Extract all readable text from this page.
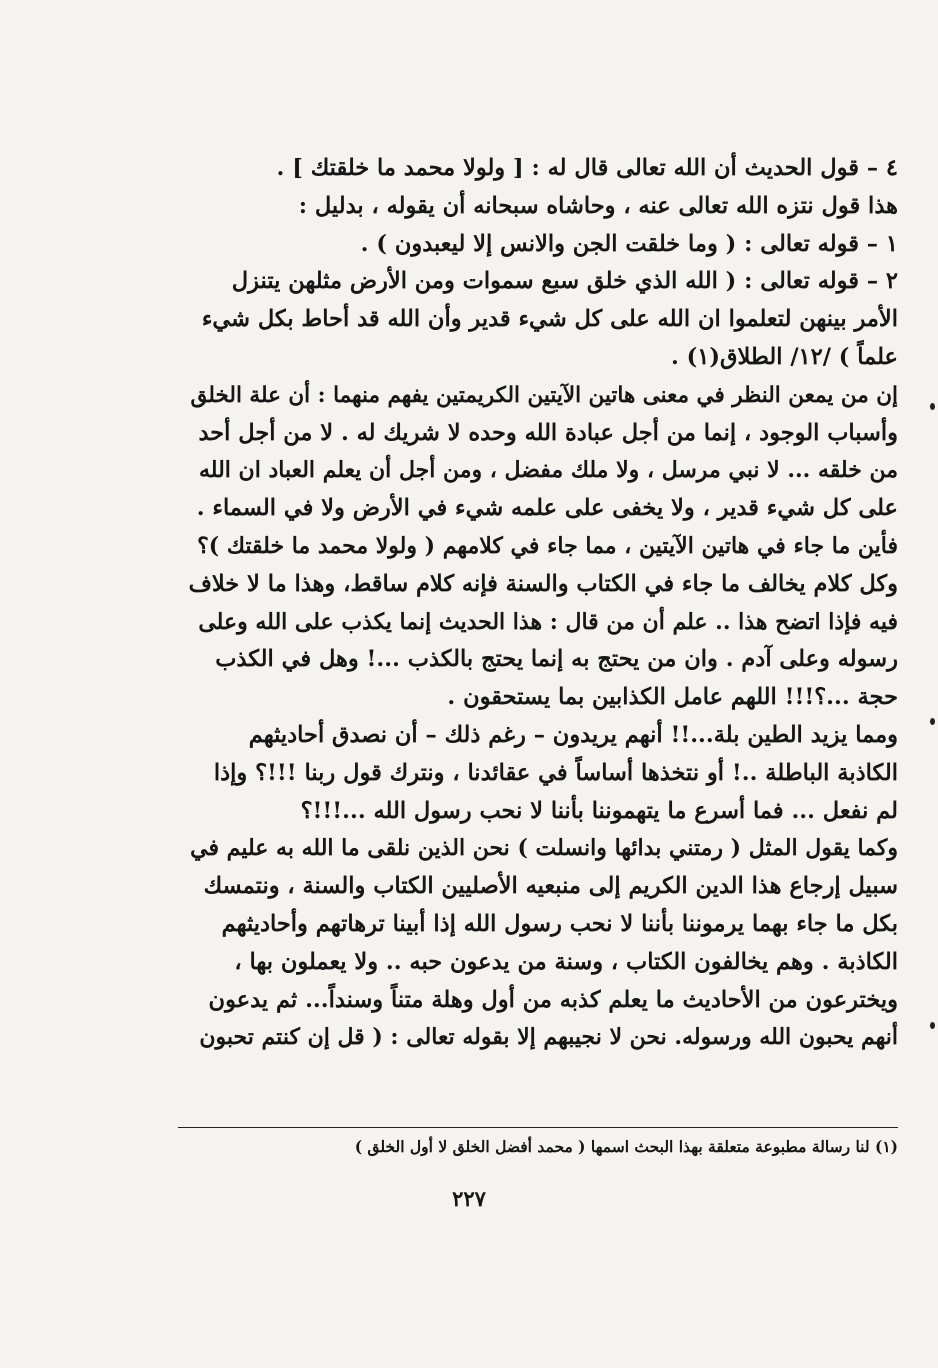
٤ً – قول الحديث أن الله تعالى قال له : [ ولولا محمد ما خلقتك ] .
هذا قول نتزه الله تعالى عنه ، وحاشاه سبحانه أن يقوله ، بدليل :
١ً – قوله تعالى : ( وما خلقت الجن والانس إلا ليعبدون ) .
٢ً – قوله تعالى : ( الله الذي خلق سبع سموات ومن الأرض مثلهن يتنزل
الأمر بينهن لتعلموا ان الله على كل شيء قدير وأن الله قد أحاط بكل شيء
علماً ) /١٢/ الطلاق(١) .
إن من يمعن النظر في معنى هاتين الآيتين الكريمتين يفهم منهما : أن علة الخلق
وأسباب الوجود ، إنما من أجل عبادة الله وحده لا شريك له . لا من أجل أحد
من خلقه ... لا نبي مرسل ، ولا ملك مفضل ، ومن أجل أن يعلم العباد ان الله
على كل شيء قدير ، ولا يخفى على علمه شيء في الأرض ولا في السماء .
فأين ما جاء في هاتين الآيتين ، مما جاء في كلامهم ( ولولا محمد ما خلقتك )؟
وكل كلام يخالف ما جاء في الكتاب والسنة فإنه كلام ساقط، وهذا ما لا خلاف
فيه فإذا اتضح هذا .. علم أن من قال : هذا الحديث إنما يكذب على الله وعلى
رسوله وعلى آدم . وان من يحتج به إنما يحتج بالكذب ...! وهل في الكذب
حجة ...؟!!! اللهم عامل الكذابين بما يستحقون .
ومما يزيد الطين بلة...!! أنهم يريدون – رغم ذلك – أن نصدق أحاديثهم
الكاذبة الباطلة ..! أو نتخذها أساساً في عقائدنا ، ونترك قول ربنا !!!؟ وإذا
لم نفعل ... فما أسرع ما يتهموننا بأننا لا نحب رسول الله ...!!!؟
وكما يقول المثل ( رمتني بدائها وانسلت ) نحن الذين نلقى ما الله به عليم في
سبيل إرجاع هذا الدين الكريم إلى منبعيه الأصليين الكتاب والسنة ، ونتمسك
بكل ما جاء بهما يرموننا بأننا لا نحب رسول الله إذا أبينا ترهاتهم وأحاديثهم
الكاذبة . وهم يخالفون الكتاب ، وسنة من يدعون حبه .. ولا يعملون بها ،
ويخترعون من الأحاديث ما يعلم كذبه من أول وهلة متناً وسنداً... ثم يدعون
أنهم يحبون الله ورسوله. نحن لا نجيبهم إلا بقوله تعالى : ( قل إن كنتم تحبون
(١) لنا رسالة مطبوعة متعلقة بهذا البحث اسمها ( محمد أفضل الخلق لا أول الخلق )
٢٢٧
